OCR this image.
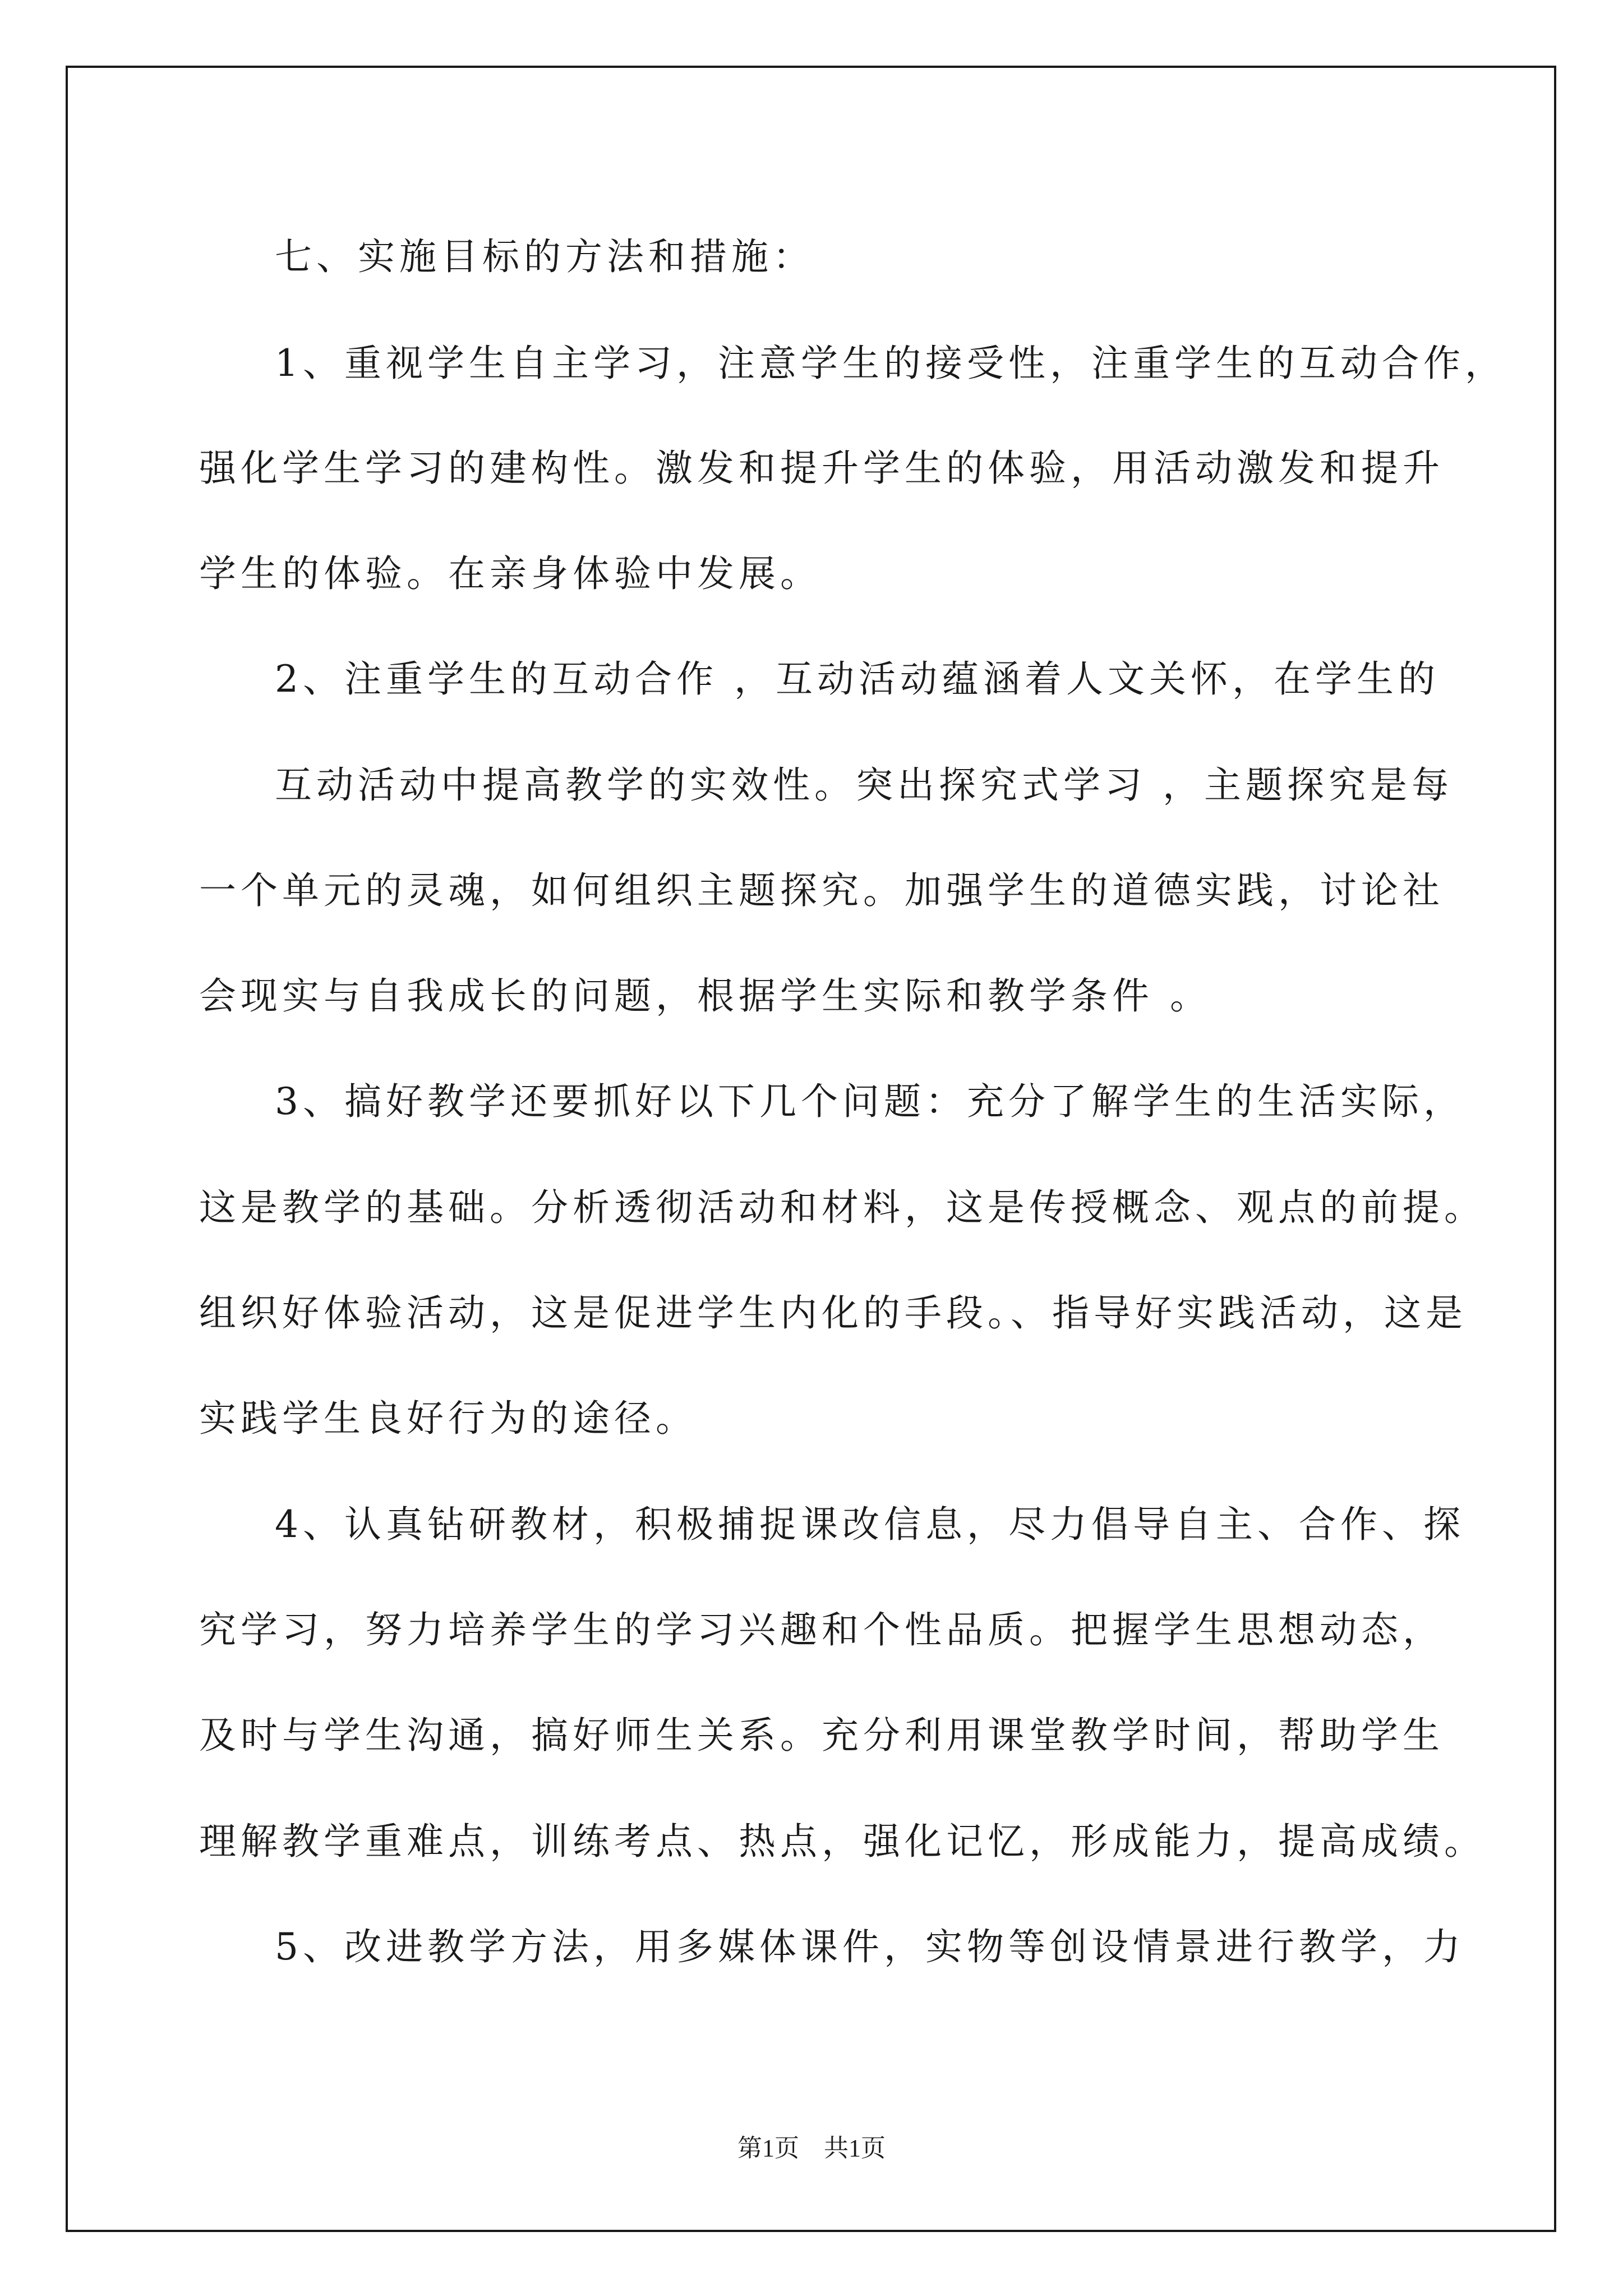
七、实施目标的方法和措施：
1、重视学生自主学习，注意学生的接受性，注重学生的互动合作，
强化学生学习的建构性。激发和提升学生的体验，用活动激发和提升
学生的体验。在亲身体验中发展。
2、注重学生的互动合作 ，互动活动蕴涵着人文关怀，在学生的
互动活动中提高教学的实效性。突出探究式学习 ，主题探究是每
一个单元的灵魂，如何组织主题探究。加强学生的道德实践，讨论社
会现实与自我成长的问题，根据学生实际和教学条件 。
3、搞好教学还要抓好以下几个问题：充分了解学生的生活实际，
这是教学的基础。分析透彻活动和材料，这是传授概念、观点的前提。
组织好体验活动，这是促进学生内化的手段。、指导好实践活动，这是
实践学生良好行为的途径。
4、认真钻研教材，积极捕捉课改信息，尽力倡导自主、合作、探
究学习，努力培养学生的学习兴趣和个性品质。把握学生思想动态，
及时与学生沟通，搞好师生关系。充分利用课堂教学时间，帮助学生
理解教学重难点，训练考点、热点，强化记忆，形成能力，提高成绩。
5、改进教学方法，用多媒体课件，实物等创设情景进行教学，力
第1页 共1页
